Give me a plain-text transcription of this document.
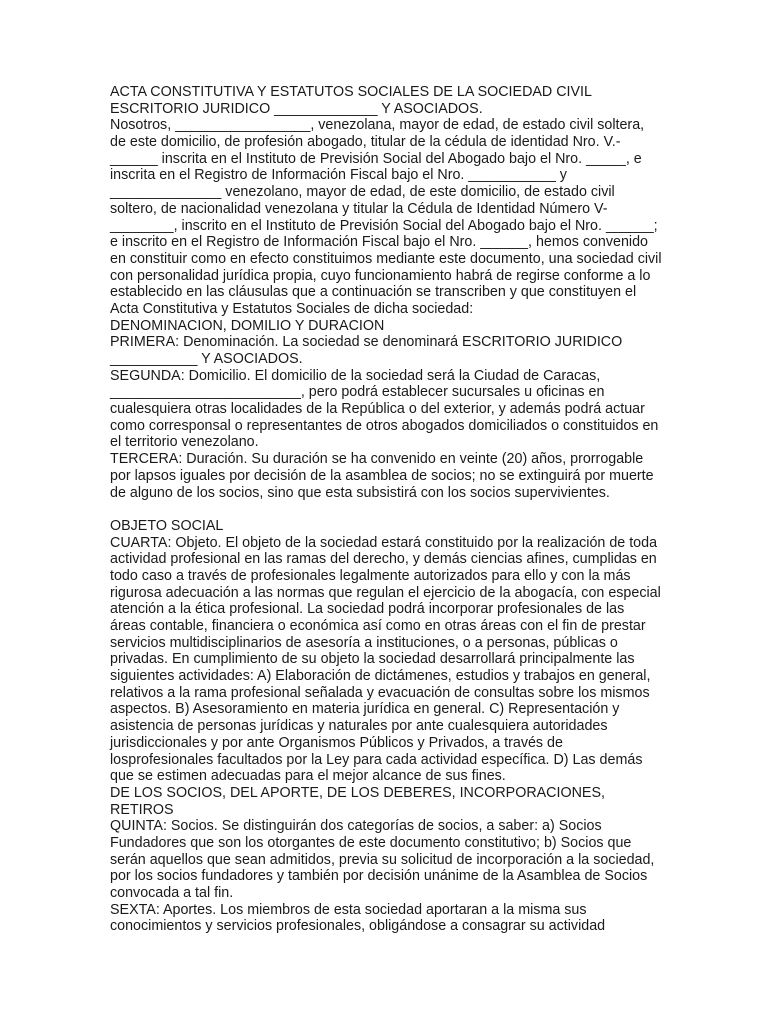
ACTA CONSTITUTIVA Y ESTATUTOS SOCIALES DE LA SOCIEDAD CIVIL
ESCRITORIO JURIDICO _____________ Y ASOCIADOS.
Nosotros, _________________, venezolana, mayor de edad, de estado civil soltera,
de este domicilio, de profesión abogado, titular de la cédula de identidad Nro. V.-
______ inscrita en el Instituto de Previsión Social del Abogado bajo el Nro. _____, e
inscrita en el Registro de Información Fiscal bajo el Nro. ___________ y
______________ venezolano, mayor de edad, de este domicilio, de estado civil
soltero, de nacionalidad venezolana y titular la Cédula de Identidad Número V-
________, inscrito en el Instituto de Previsión Social del Abogado bajo el Nro. ______;
e inscrito en el Registro de Información Fiscal bajo el Nro. ______, hemos convenido
en constituir como en efecto constituimos mediante este documento, una sociedad civil
con personalidad jurídica propia, cuyo funcionamiento habrá de regirse conforme a lo
establecido en las cláusulas que a continuación se transcriben y que constituyen el
Acta Constitutiva y Estatutos Sociales de dicha sociedad:
DENOMINACION, DOMILIO Y DURACION
PRIMERA: Denominación. La sociedad se denominará ESCRITORIO JURIDICO
___________ Y ASOCIADOS.
SEGUNDA: Domicilio. El domicilio de la sociedad será la Ciudad de Caracas,
________________________, pero podrá establecer sucursales u oficinas en
cualesquiera otras localidades de la República o del exterior, y además podrá actuar
como corresponsal o representantes de otros abogados domiciliados o constituidos en
el territorio venezolano.
TERCERA: Duración. Su duración se ha convenido en veinte (20) años, prorrogable
por lapsos iguales por decisión de la asamblea de socios; no se extinguirá por muerte
de alguno de los socios, sino que esta subsistirá con los socios supervivientes.
OBJETO SOCIAL
CUARTA: Objeto. El objeto de la sociedad estará constituido por la realización de toda
actividad profesional en las ramas del derecho, y demás ciencias afines, cumplidas en
todo caso a través de profesionales legalmente autorizados para ello y con la más
rigurosa adecuación a las normas que regulan el ejercicio de la abogacía, con especial
atención a la ética profesional. La sociedad podrá incorporar profesionales de las
áreas contable, financiera o económica así como en otras áreas con el fin de prestar
servicios multidisciplinarios de asesoría a instituciones, o a personas, públicas o
privadas. En cumplimiento de su objeto la sociedad desarrollará principalmente las
siguientes actividades: A) Elaboración de dictámenes, estudios y trabajos en general,
relativos a la rama profesional señalada y evacuación de consultas sobre los mismos
aspectos. B) Asesoramiento en materia jurídica en general. C) Representación y
asistencia de personas jurídicas y naturales por ante cualesquiera autoridades
jurisdiccionales y por ante Organismos Públicos y Privados, a través de
losprofesionales facultados por la Ley para cada actividad específica. D) Las demás
que se estimen adecuadas para el mejor alcance de sus fines.
DE LOS SOCIOS, DEL APORTE, DE LOS DEBERES, INCORPORACIONES,
RETIROS
QUINTA: Socios. Se distinguirán dos categorías de socios, a saber: a) Socios
Fundadores que son los otorgantes de este documento constitutivo; b) Socios que
serán aquellos que sean admitidos, previa su solicitud de incorporación a la sociedad,
por los socios fundadores y también por decisión unánime de la Asamblea de Socios
convocada a tal fin.
SEXTA: Aportes. Los miembros de esta sociedad aportaran a la misma sus
conocimientos y servicios profesionales, obligándose a consagrar su actividad
